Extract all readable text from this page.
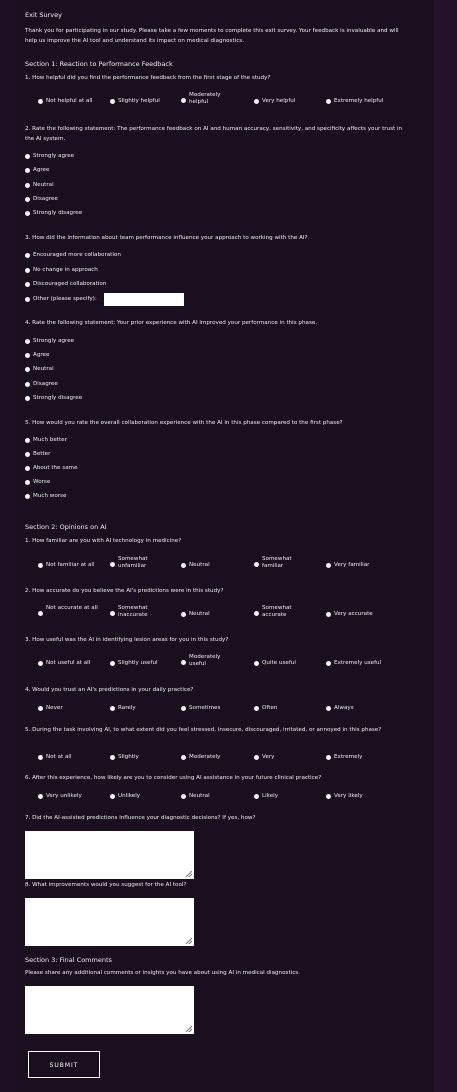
Exit Survey
Thank you for participating in our study. Please take a few moments to complete this exit survey. Your feedback is invaluable and will help us improve the AI tool and understand its impact on medical diagnostics.
Section 1: Reaction to Performance Feedback
1. How helpful did you find the performance feedback from the first stage of the study?
Not helpful at all	Slightly helpful
Moderately helpful	Very helpful	Extremely helpful
2. Rate the following statement: The performance feedback on AI and human accuracy, sensitivity, and specificity affects your trust in the AI system.
Strongly agree
Agree
Neutral
Disagree
Strongly disagree
3. How did the information about team performance influence your approach to working with the AI?
Encouraged more collaboration
No change in approach
Discouraged collaboration
Other (please specify):
4. Rate the following statement: Your prior experience with AI improved your performance in this phase.
Strongly agree
Agree
Neutral
Disagree
Strongly disagree
5. How would you rate the overall collaboration experience with the AI in this phase compared to the first phase?
Much better
Better
About the same
Worse
Much worse
Section 2: Opinions on AI
1. How familiar are you with AI technology in medicine?
Not familiar at all
Somewhat unfamiliar	Neutral
Somewhat familiar	Very familiar
2. How accurate do you believe the AI's predictions were in this study?
Not accurate at all	Somewhat inaccurate	Neutral
Somewhat accurate	Very accurate
3. How useful was the AI in identifying lesion areas for you in this study?
Not useful at all	Slightly useful
Moderately useful	Quite useful	Extremely useful
4. Would you trust an AI's predictions in your daily practice?
Never	Rarely	Sometimes	Often	Always
5. During the task involving AI, to what extent did you feel stressed, insecure, discouraged, irritated, or annoyed in this phase?
Not at all	Slightly	Moderately	Very	Extremely
6. After this experience, how likely are you to consider using AI assistance in your future clinical practice?
Very unlikely	Unlikely	Neutral	Likely	Very likely
7. Did the AI-assisted predictions influence your diagnostic decisions? If yes, how?
8. What improvements would you suggest for the AI tool?
Section 3: Final Comments
Please share any additional comments or insights you have about using AI in medical diagnostics.
SUBMIT
